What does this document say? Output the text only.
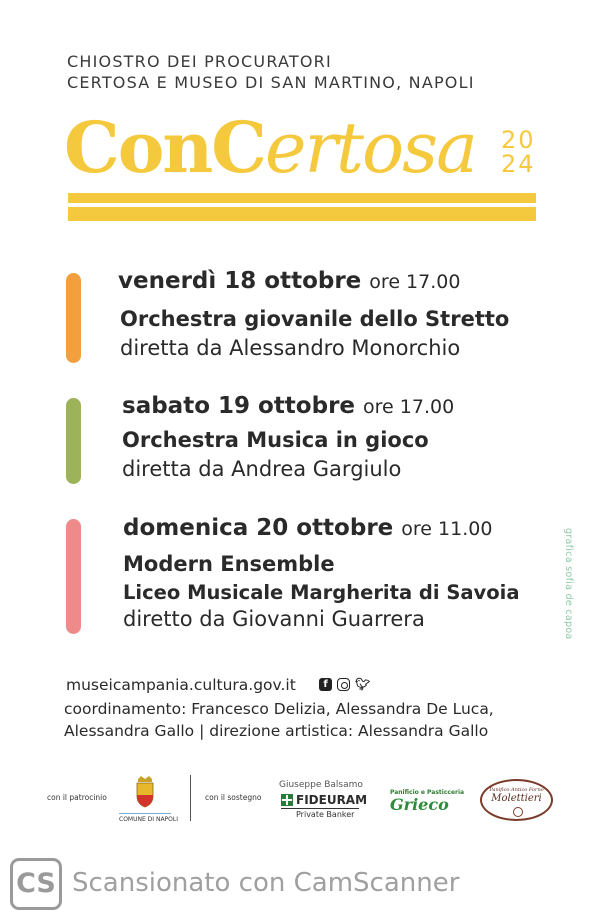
CHIOSTRO DEI PROCURATORI
CERTOSA E MUSEO DI SAN MARTINO, NAPOLI
ConCertosa 20
24
venerdì 18 ottobre ore 17.00
Orchestra giovanile dello Stretto
diretta da Alessandro Monorchio
sabato 19 ottobre ore 17.00
Orchestra Musica in gioco
diretta da Andrea Gargiulo
domenica 20 ottobre ore 11.00
Modern Ensemble
Liceo Musicale Margherita di Savoia
diretto da Giovanni Guarrera	grafica sofia de capoa
museicampania.cultura.gov.it	f	🐦︎
coordinamento: Francesco Delizia, Alessandra De Luca,
Alessandra Gallo | direzione artistica: Alessandra Gallo
con il patrocinio
COMUNE DI NAPOLI
con il sostegno
Giuseppe Balsamo
FIDEURAM
Private Banker
Panificio e Pasticceria
Grieco
Panifico Antico Forno
Molettieri
CS Scansionato con CamScanner
